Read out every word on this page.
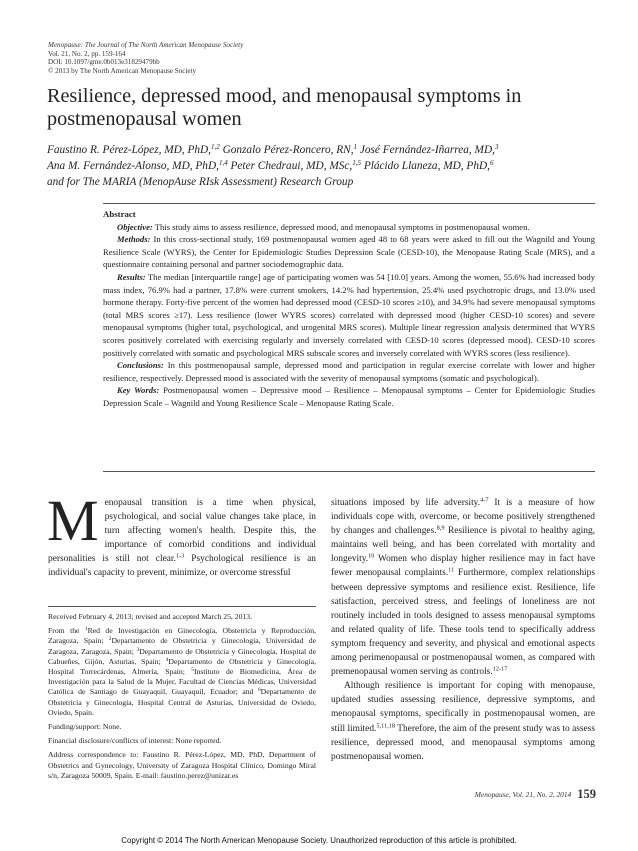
Menopause: The Journal of The North American Menopause Society
Vol. 21, No. 2, pp. 159-164
DOI: 10.1097/gme.0b013e31829479bb
© 2013 by The North American Menopause Society
Resilience, depressed mood, and menopausal symptoms in
postmenopausal women
Faustino R. Pérez-López, MD, PhD,$^{1,2}$ Gonzalo Pérez-Roncero, RN,$^1$ José Fernández-Iñarrea, MD,$^3$
Ana M. Fernández-Alonso, MD, PhD,$^{1,4}$ Peter Chedraui, MD, MSc,$^{1,5}$ Plácido Llaneza, MD, PhD,$^6$
and for The MARIA (MenopAuse RIsk Assessment) Research Group
Abstract

Objective: This study aims to assess resilience, depressed mood, and menopausal symptoms in postmenopausal women.

Methods: In this cross-sectional study, 169 postmenopausal women aged 48 to 68 years were asked to fill out the Wagnild and Young Resilience Scale (WYRS), the Center for Epidemiologic Studies Depression Scale (CESD-10), the Menopause Rating Scale (MRS), and a questionnaire containing personal and partner sociodemographic data.

Results: The median [interquartile range] age of participating women was 54 [10.0] years. Among the women, 55.6% had increased body mass index, 76.9% had a partner, 17.8% were current smokers, 14.2% had hypertension, 25.4% used psychotropic drugs, and 13.0% used hormone therapy. Forty-five percent of the women had depressed mood (CESD-10 scores ≥10), and 34.9% had severe menopausal symptoms (total MRS scores ≥17). Less resilience (lower WYRS scores) correlated with depressed mood (higher CESD-10 scores) and severe menopausal symptoms (higher total, psychological, and urogenital MRS scores). Multiple linear regression analysis determined that WYRS scores positively correlated with exercising regularly and inversely correlated with CESD-10 scores (depressed mood). CESD-10 scores positively correlated with somatic and psychological MRS subscale scores and inversely correlated with WYRS scores (less resilience).

Conclusions: In this postmenopausal sample, depressed mood and participation in regular exercise correlate with lower and higher resilience, respectively. Depressed mood is associated with the severity of menopausal symptoms (somatic and psychological).

Key Words: Postmenopausal women – Depressive mood – Resilience – Menopausal symptoms – Center for Epidemiologic Studies Depression Scale – Wagnild and Young Resilience Scale – Menopause Rating Scale.

Menopausal transition is a time when physical, psychological, and social value changes take place, in turn affecting women's health. Despite this, the importance of comorbid conditions and individual personalities is still not clear.$^{1-3}$ Psychological resilience is an individual's capacity to prevent, minimize, or overcome stressful

Received February 4, 2013; revised and accepted March 25, 2013.
From the $^1$Red de Investigación en Ginecología, Obstetricia y Reproducción, Zaragoza, Spain; $^2$Departamento de Obstetricia y Ginecología, Universidad de Zaragoza, Zaragoza, Spain; $^3$Departamento de Obstetricia y Ginecología, Hospital de Cabueñes, Gijón, Asturias, Spain; $^4$Departamento de Obstetricia y Ginecología, Hospital Torrecárdenas, Almería, Spain; $^5$Instituto de Biomedicina, Área de Investigación para la Salud de la Mujer, Facultad de Ciencias Médicas, Universidad Católica de Santiago de Guayaquil, Guayaquil, Ecuador; and $^6$Departamento de Obstetricia y Ginecología, Hospital Central de Asturias, Universidad de Oviedo, Oviedo, Spain.
Funding/support: None.
Financial disclosure/conflicts of interest: None reported.
Address correspondence to: Faustino R. Pérez-López, MD, PhD, Department of Obstetrics and Gynecology, University of Zaragoza Hospital Clínico, Domingo Miral s/n, Zaragoza 50009, Spain. E-mail: faustino.perez@unizar.es

situations imposed by life adversity.$^{4-7}$ It is a measure of how individuals cope with, overcome, or become positively strengthened by changes and challenges.$^{8,9}$ Resilience is pivotal to healthy aging, maintains well being, and has been correlated with mortality and longevity.$^{10}$ Women who display higher resilience may in fact have fewer menopausal complaints.$^{11}$ Furthermore, complex relationships between depressive symptoms and resilience exist. Resilience, life satisfaction, perceived stress, and feelings of loneliness are not routinely included in tools designed to assess menopausal symptoms and related quality of life. These tools tend to specifically address symptom frequency and severity, and physical and emotional aspects among perimenopausal or postmenopausal women, as compared with premenopausal women serving as controls.$^{12-17}$

Although resilience is important for coping with menopause, updated studies assessing resilience, depressive symptoms, and menopausal symptoms, specifically in postmenopausal women, are still limited.$^{5,11,18}$ Therefore, the aim of the present study was to assess resilience, depressed mood, and menopausal symptoms among postmenopausal women.

Menopause, Vol. 21, No. 2, 2014 159
Copyright © 2014 The North American Menopause Society. Unauthorized reproduction of this article is prohibited.
